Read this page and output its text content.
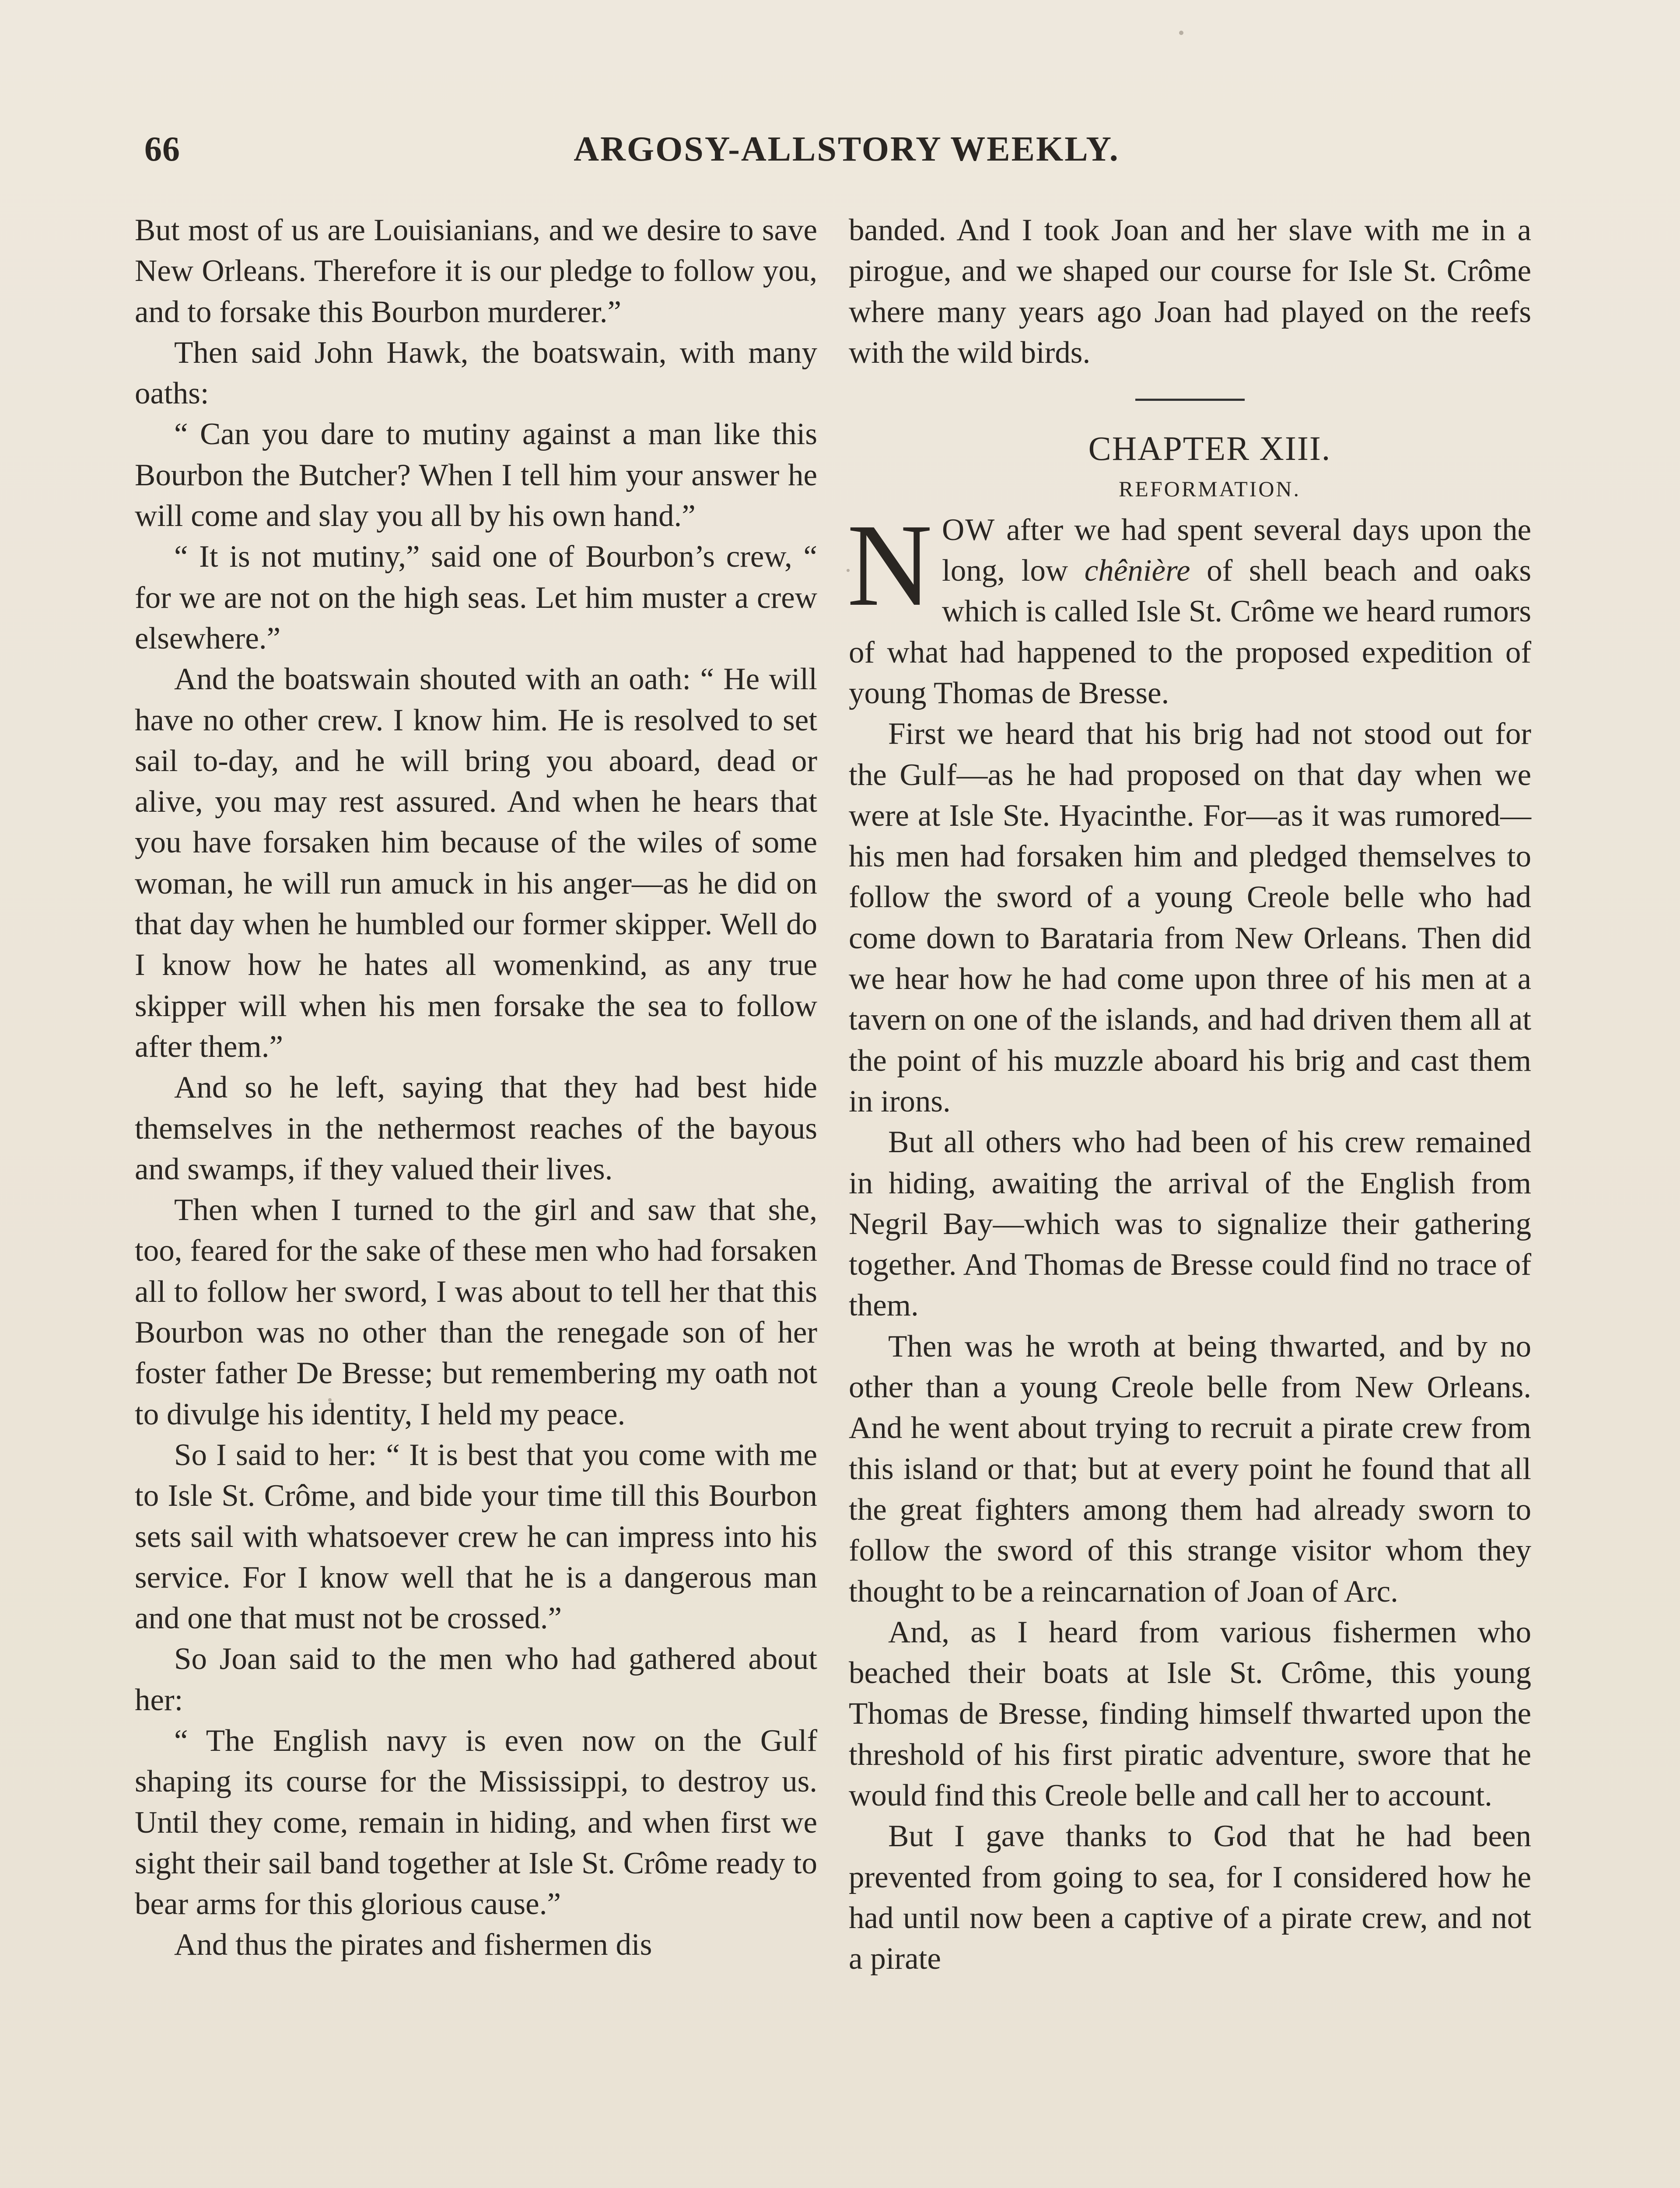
66	ARGOSY-ALLSTORY WEEKLY.

But most of us are Louisianians, and we desire to save New Orleans. Therefore it is our pledge to follow you, and to forsake this Bourbon murderer.”

Then said John Hawk, the boatswain, with many oaths:

“ Can you dare to mutiny against a man like this Bourbon the Butcher? When I tell him your answer he will come and slay you all by his own hand.”

“ It is not mutiny,” said one of Bourbon’s crew, “ for we are not on the high seas. Let him muster a crew elsewhere.”

And the boatswain shouted with an oath: “ He will have no other crew. I know him. He is resolved to set sail to-day, and he will bring you aboard, dead or alive, you may rest assured. And when he hears that you have forsaken him because of the wiles of some woman, he will run amuck in his anger—as he did on that day when he humbled our former skipper. Well do I know how he hates all womenkind, as any true skipper will when his men forsake the sea to follow after them.”

And so he left, saying that they had best hide themselves in the nethermost reaches of the bayous and swamps, if they valued their lives.

Then when I turned to the girl and saw that she, too, feared for the sake of these men who had forsaken all to follow her sword, I was about to tell her that this Bourbon was no other than the renegade son of her foster father De Bresse; but remembering my oath not to divulge his identity, I held my peace.

So I said to her: “ It is best that you come with me to Isle St. Crôme, and bide your time till this Bourbon sets sail with whatsoever crew he can impress into his service. For I know well that he is a dangerous man and one that must not be crossed.”

So Joan said to the men who had gathered about her:

“ The English navy is even now on the Gulf shaping its course for the Mississippi, to destroy us. Until they come, remain in hiding, and when first we sight their sail band together at Isle St. Crôme ready to bear arms for this glorious cause.”

And thus the pirates and fishermen dis

banded. And I took Joan and her slave with me in a pirogue, and we shaped our course for Isle St. Crôme where many years ago Joan had played on the reefs with the wild birds.

CHAPTER XIII.

REFORMATION.

NOW after we had spent several days upon the long, low chênière of shell beach and oaks which is called Isle St. Crôme we heard rumors of what had happened to the proposed expedition of young Thomas de Bresse.

First we heard that his brig had not stood out for the Gulf—as he had proposed on that day when we were at Isle Ste. Hyacinthe. For—as it was rumored—his men had forsaken him and pledged themselves to follow the sword of a young Creole belle who had come down to Barataria from New Orleans. Then did we hear how he had come upon three of his men at a tavern on one of the islands, and had driven them all at the point of his muzzle aboard his brig and cast them in irons.

But all others who had been of his crew remained in hiding, awaiting the arrival of the English from Negril Bay—which was to signalize their gathering together. And Thomas de Bresse could find no trace of them.

Then was he wroth at being thwarted, and by no other than a young Creole belle from New Orleans. And he went about trying to recruit a pirate crew from this island or that; but at every point he found that all the great fighters among them had already sworn to follow the sword of this strange visitor whom they thought to be a reincarnation of Joan of Arc.

And, as I heard from various fishermen who beached their boats at Isle St. Crôme, this young Thomas de Bresse, finding himself thwarted upon the threshold of his first piratic adventure, swore that he would find this Creole belle and call her to account.

But I gave thanks to God that he had been prevented from going to sea, for I considered how he had until now been a captive of a pirate crew, and not a pirate
